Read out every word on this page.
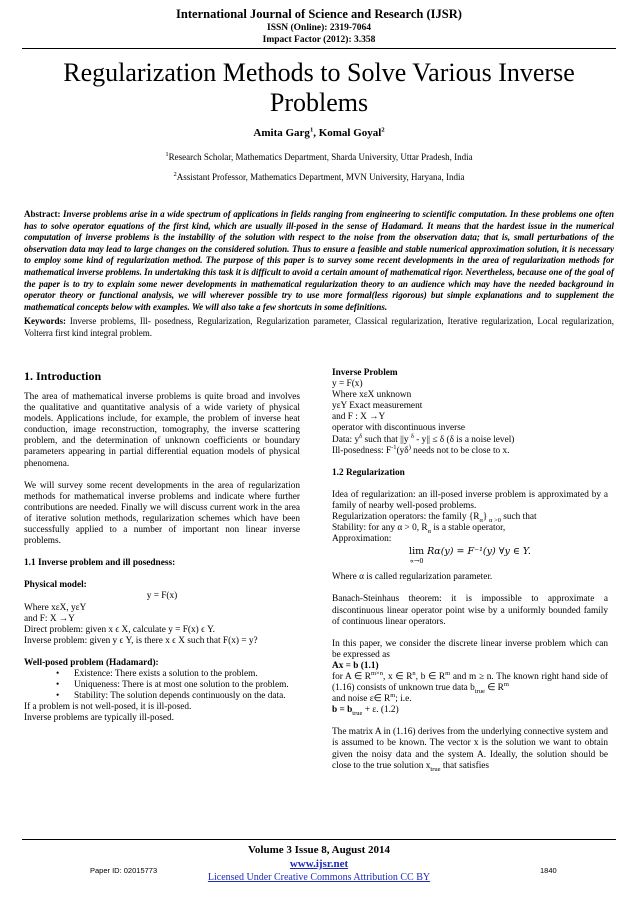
International Journal of Science and Research (IJSR)
ISSN (Online): 2319-7064
Impact Factor (2012): 3.358
Regularization Methods to Solve Various Inverse Problems
Amita Garg$^1$, Komal Goyal$^2$
$^1$Research Scholar, Mathematics Department, Sharda University, Uttar Pradesh, India
$^2$Assistant Professor, Mathematics Department, MVN University, Haryana, India
Abstract: Inverse problems arise in a wide spectrum of applications in fields ranging from engineering to scientific computation. In these problems one often has to solve operator equations of the first kind, which are usually ill-posed in the sense of Hadamard. It means that the hardest issue in the numerical computation of inverse problems is the instability of the solution with respect to the noise from the observation data; that is, small perturbations of the observation data may lead to large changes on the considered solution. Thus to ensure a feasible and stable numerical approximation solution, it is necessary to employ some kind of regularization method. The purpose of this paper is to survey some recent developments in the area of regularization methods for mathematical inverse problems. In undertaking this task it is difficult to avoid a certain amount of mathematical rigor. Nevertheless, because one of the goal of the paper is to try to explain some newer developments in mathematical regularization theory to an audience which may have the needed background in operator theory or functional analysis, we will wherever possible try to use more formal(less rigorous) but simple explanations and to supplement the mathematical concepts below with examples. We will also take a few shortcuts in some definitions.
Keywords: Inverse problems, Ill- posedness, Regularization, Regularization parameter, Classical regularization, Iterative regularization, Local regularization, Volterra first kind integral problem.
1. Introduction

The area of mathematical inverse problems is quite broad and involves the qualitative and quantitative analysis of a wide variety of physical models. Applications include, for example, the problem of inverse heat conduction, image reconstruction, tomography, the inverse scattering problem, and the determination of unknown coefficients or boundary parameters appearing in partial differential equation models of physical phenomena.

We will survey some recent developments in the area of regularization methods for mathematical inverse problems and indicate where further contributions are needed. Finally we will discuss current work in the area of iterative solution methods, regularization schemes which have been successfully applied to a number of important non linear inverse problems.

1.1 Inverse problem and ill posedness:

Physical model:

y = F(x)

Where xεX, yεY

and F: X →Y

Direct problem: given x ϵ X, calculate y = F(x) ϵ Y.

Inverse problem: given y ϵ Y, is there x ϵ X such that F(x) = y?

Well-posed problem (Hadamard):

• Existence: There exists a solution to the problem.
• Uniqueness: There is at most one solution to the problem.
• Stability: The solution depends continuously on the data.

If a problem is not well-posed, it is ill-posed.

Inverse problems are typically ill-posed.

Inverse Problem

y = F(x)

Where xεX unknown

yεY Exact measurement

and F : X →Y

operator with discontinuous inverse

Data: $y^\delta$ such that ||y $^\delta$ - y|| ≤ δ (δ is a noise level)

Ill-posedness: $F^{-1}(y\delta^)$ needs not to be close to x.

1.2 Regularization

Idea of regularization: an ill-posed inverse problem is approximated by a family of nearby well-posed problems.

Regularization operators: the family $\{R_\alpha\}$ $_{\alpha >0}$ such that

Stability: for any α > 0, $R_\alpha$ is a stable operator,

Approximation:

lim
∝→0
Rα(y) = F⁻¹(y) ∀y ∈ Y.

Where α is called regularization parameter.

Banach-Steinhaus theorem: it is impossible to approximate a discontinuous linear operator point wise by a uniformly bounded family of continuous linear operators.

In this paper, we consider the discrete linear inverse problem which can be expressed as

Ax = b (1.1)

for A ∈ $R^{m\times n}$, x ∈ $R^n$, b ∈ $R^m$ and m ≥ n. The known right hand side of (1.16) consists of unknown true data $b_{true}$ ∈ $R^m$

and noise ε∈ $R^m$; i.e.

$b = b_{true} + \varepsilon$. (1.2)

The matrix A in (1.16) derives from the underlying connective system and is assumed to be known. The vector x is the solution we want to obtain given the noisy data and the system A. Ideally, the solution should be close to the true solution $x_{true}$ that satisfies

Volume 3 Issue 8, August 2014
www.ijsr.net
Licensed Under Creative Commons Attribution CC BY
Paper ID: 02015773	1840
